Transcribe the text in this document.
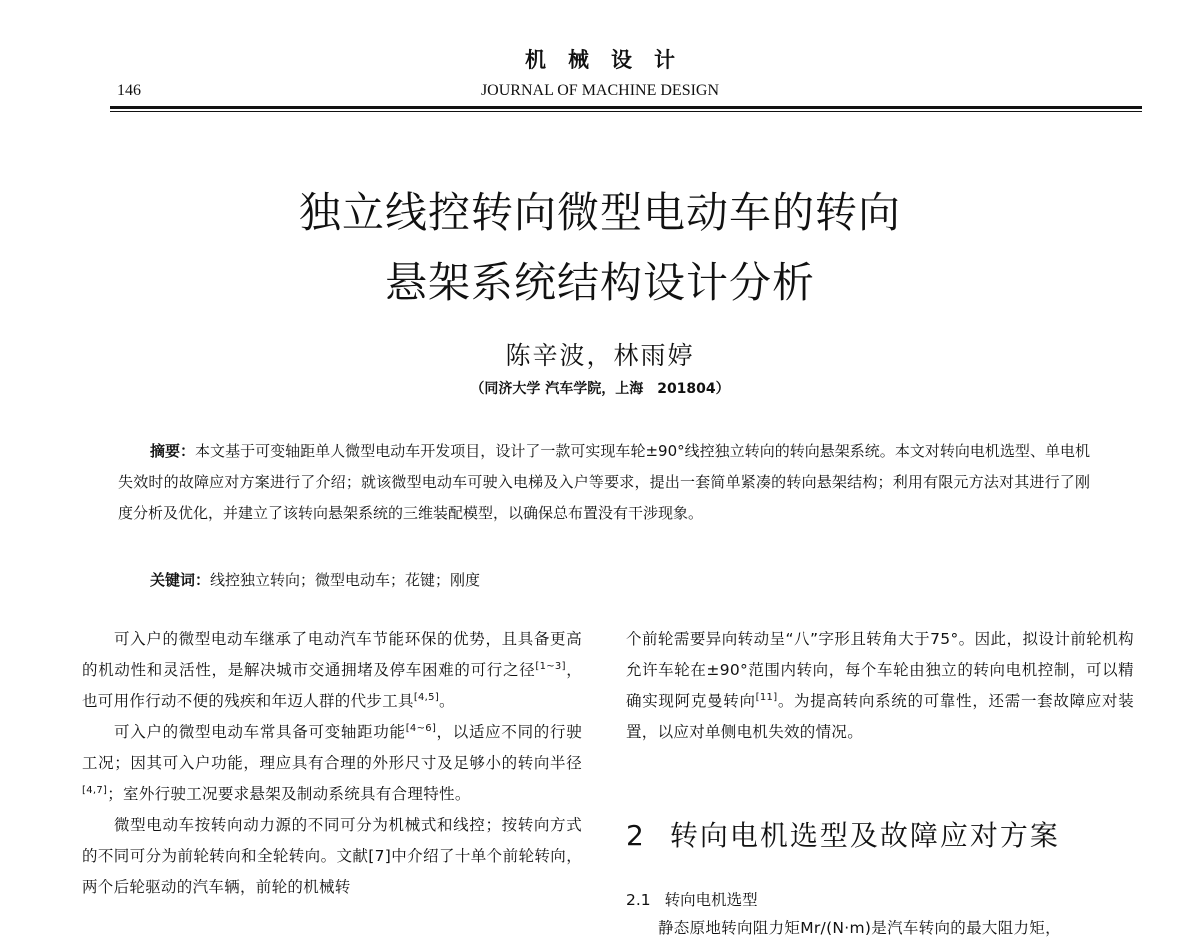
机械设计
146	JOURNAL OF MACHINE DESIGN
独立线控转向微型电动车的转向
悬架系统结构设计分析
陈辛波，林雨婷
（同济大学 汽车学院，上海　201804）

摘要：本文基于可变轴距单人微型电动车开发项目，设计了一款可实现车轮±90°线控独立转向的转向悬架系统。本文对转向电机选型、单电机失效时的故障应对方案进行了介绍；就该微型电动车可驶入电梯及入户等要求，提出一套简单紧凑的转向悬架结构；利用有限元方法对其进行了刚度分析及优化，并建立了该转向悬架系统的三维装配模型，以确保总布置没有干涉现象。

关键词：线控独立转向；微型电动车；花键；刚度

可入户的微型电动车继承了电动汽车节能环保的优势，且具备更高的机动性和灵活性，是解决城市交通拥堵及停车困难的可行之径[1~3]，也可用作行动不便的残疾和年迈人群的代步工具[4,5]。

可入户的微型电动车常具备可变轴距功能[4~6]，以适应不同的行驶工况；因其可入户功能，理应具有合理的外形尺寸及足够小的转向半径[4,7]；室外行驶工况要求悬架及制动系统具有合理特性。

微型电动车按转向动力源的不同可分为机械式和线控；按转向方式的不同可分为前轮转向和全轮转向。文献[7]中介绍了十单个前轮转向，两个后轮驱动的汽车辆，前轮的机械转

个前轮需要异向转动呈“八”字形且转角大于75°。因此，拟设计前轮机构允许车轮在±90°范围内转向，每个车轮由独立的转向电机控制，可以精确实现阿克曼转向[11]。为提高转向系统的可靠性，还需一套故障应对装置，以应对单侧电机失效的情况。

2 转向电机选型及故障应对方案
2.1 转向电机选型
静态原地转向阻力矩Mr/(N·m)是汽车转向的最大阻力矩，
